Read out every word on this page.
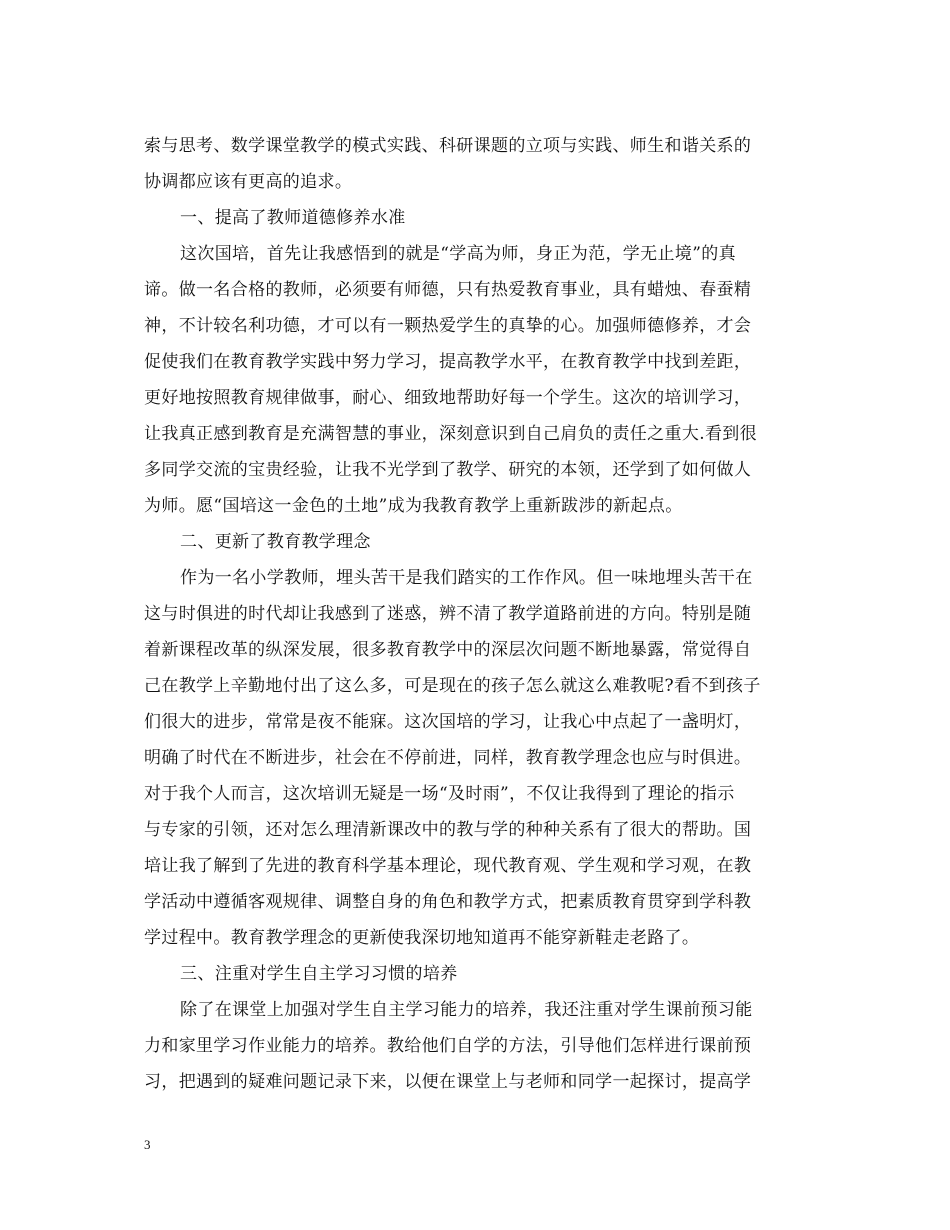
索与思考、数学课堂教学的模式实践、科研课题的立项与实践、师生和谐关系的
协调都应该有更高的追求。
一、提高了教师道德修养水准
这次国培，首先让我感悟到的就是“学高为师，身正为范，学无止境”的真
谛。做一名合格的教师，必须要有师德，只有热爱教育事业，具有蜡烛、春蚕精
神，不计较名利功德，才可以有一颗热爱学生的真挚的心。加强师德修养，才会
促使我们在教育教学实践中努力学习，提高教学水平，在教育教学中找到差距，
更好地按照教育规律做事，耐心、细致地帮助好每一个学生。这次的培训学习，
让我真正感到教育是充满智慧的事业，深刻意识到自己肩负的责任之重大.看到很
多同学交流的宝贵经验，让我不光学到了教学、研究的本领，还学到了如何做人
为师。愿“国培这一金色的土地”成为我教育教学上重新跋涉的新起点。
二、更新了教育教学理念
作为一名小学教师，埋头苦干是我们踏实的工作作风。但一味地埋头苦干在
这与时俱进的时代却让我感到了迷惑，辨不清了教学道路前进的方向。特别是随
着新课程改革的纵深发展，很多教育教学中的深层次问题不断地暴露，常觉得自
己在教学上辛勤地付出了这么多，可是现在的孩子怎么就这么难教呢?看不到孩子
们很大的进步，常常是夜不能寐。这次国培的学习，让我心中点起了一盏明灯，
明确了时代在不断进步，社会在不停前进，同样，教育教学理念也应与时俱进。
对于我个人而言，这次培训无疑是一场“及时雨”，不仅让我得到了理论的指示
与专家的引领，还对怎么理清新课改中的教与学的种种关系有了很大的帮助。国
培让我了解到了先进的教育科学基本理论，现代教育观、学生观和学习观，在教
学活动中遵循客观规律、调整自身的角色和教学方式，把素质教育贯穿到学科教
学过程中。教育教学理念的更新使我深切地知道再不能穿新鞋走老路了。
三、注重对学生自主学习习惯的培养
除了在课堂上加强对学生自主学习能力的培养，我还注重对学生课前预习能
力和家里学习作业能力的培养。教给他们自学的方法，引导他们怎样进行课前预
习，把遇到的疑难问题记录下来，以便在课堂上与老师和同学一起探讨，提高学
3
